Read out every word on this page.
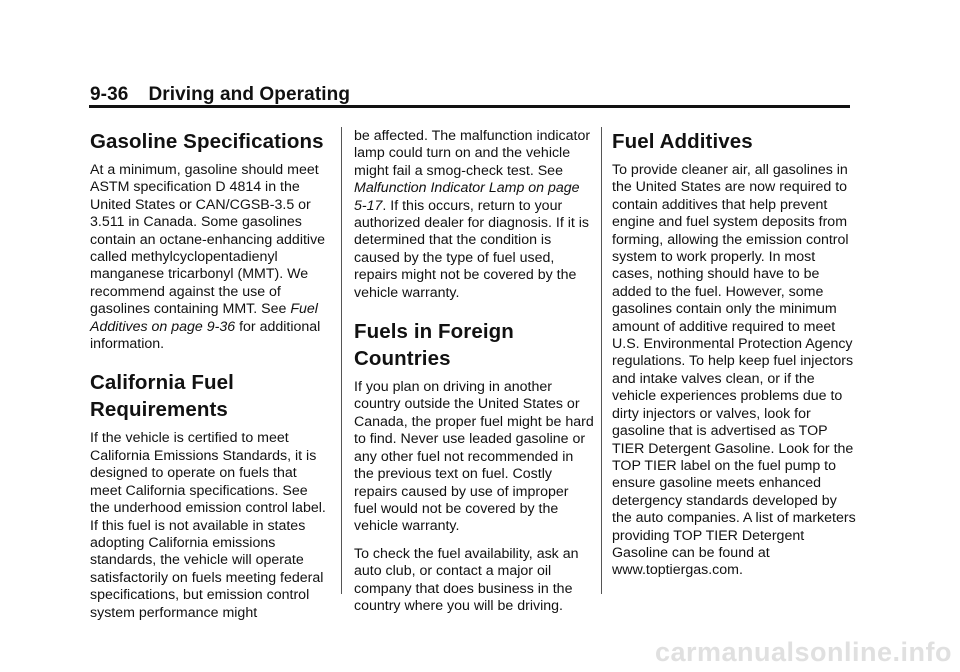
9-36 Driving and Operating
Gasoline Specifications

At a minimum, gasoline should meet ASTM specification D 4814 in the United States or CAN/CGSB-3.5 or 3.511 in Canada. Some gasolines contain an octane-enhancing additive called methylcyclopentadienyl manganese tricarbonyl (MMT). We recommend against the use of gasolines containing MMT. See Fuel Additives on page 9-36 for additional information.

California Fuel Requirements

If the vehicle is certified to meet California Emissions Standards, it is designed to operate on fuels that meet California specifications. See the underhood emission control label. If this fuel is not available in states adopting California emissions standards, the vehicle will operate satisfactorily on fuels meeting federal specifications, but emission control system performance might

be affected. The malfunction indicator lamp could turn on and the vehicle might fail a smog-check test. See Malfunction Indicator Lamp on page 5-17. If this occurs, return to your authorized dealer for diagnosis. If it is determined that the condition is caused by the type of fuel used, repairs might not be covered by the vehicle warranty.

Fuels in Foreign Countries

If you plan on driving in another country outside the United States or Canada, the proper fuel might be hard to find. Never use leaded gasoline or any other fuel not recommended in the previous text on fuel. Costly repairs caused by use of improper fuel would not be covered by the vehicle warranty.

To check the fuel availability, ask an auto club, or contact a major oil company that does business in the country where you will be driving.

Fuel Additives

To provide cleaner air, all gasolines in the United States are now required to contain additives that help prevent engine and fuel system deposits from forming, allowing the emission control system to work properly. In most cases, nothing should have to be added to the fuel. However, some gasolines contain only the minimum amount of additive required to meet U.S. Environmental Protection Agency regulations. To help keep fuel injectors and intake valves clean, or if the vehicle experiences problems due to dirty injectors or valves, look for gasoline that is advertised as TOP TIER Detergent Gasoline. Look for the TOP TIER label on the fuel pump to ensure gasoline meets enhanced detergency standards developed by the auto companies. A list of marketers providing TOP TIER Detergent Gasoline can be found at www.toptiergas.com.

carmanualsonline.info
